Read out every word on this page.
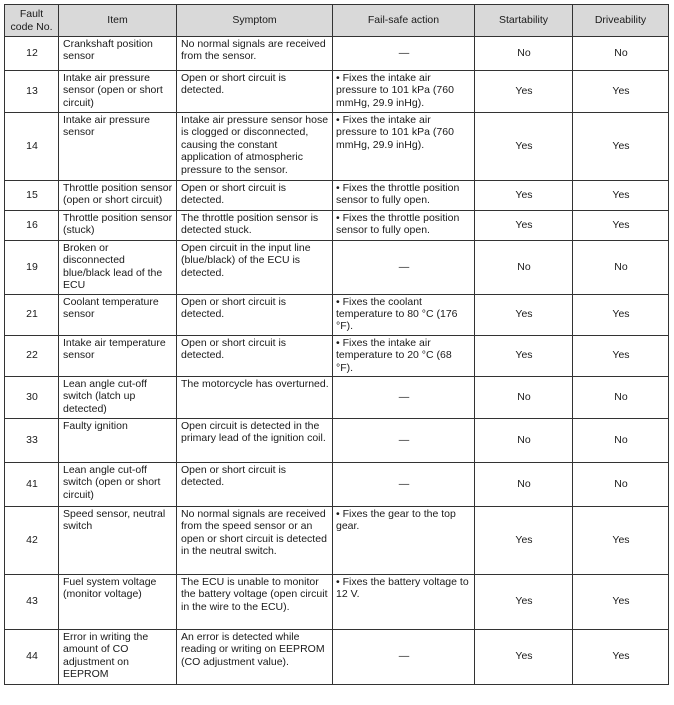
Fault
code No.	Item	Symptom	Fail-safe action	Startability	Driveability
12	Crankshaft position sensor	No normal signals are received from the sensor.	—	No	No
13	Intake air pressure sensor (open or short circuit)	Open or short circuit is detected.	• Fixes the intake air pressure to 101 kPa (760 mmHg, 29.9 inHg).	Yes	Yes
14	Intake air pressure sensor	Intake air pressure sensor hose is clogged or disconnected, causing the constant application of atmospheric pressure to the sensor.	• Fixes the intake air pressure to 101 kPa (760 mmHg, 29.9 inHg).	Yes	Yes
15	Throttle position sensor (open or short circuit)	Open or short circuit is detected.	• Fixes the throttle position sensor to fully open.	Yes	Yes
16	Throttle position sensor (stuck)	The throttle position sensor is detected stuck.	• Fixes the throttle position sensor to fully open.	Yes	Yes
19	Broken or disconnected blue/black lead of the ECU	Open circuit in the input line (blue/black) of the ECU is detected.	—	No	No
21	Coolant temperature sensor	Open or short circuit is detected.	• Fixes the coolant temperature to 80 °C (176 °F).	Yes	Yes
22	Intake air temperature sensor	Open or short circuit is detected.	• Fixes the intake air temperature to 20 °C (68 °F).	Yes	Yes
30	Lean angle cut-off switch (latch up detected)	The motorcycle has overturned.	—	No	No
33	Faulty ignition	Open circuit is detected in the primary lead of the ignition coil.	—	No	No
41	Lean angle cut-off switch (open or short circuit)	Open or short circuit is detected.	—	No	No
42	Speed sensor, neutral switch	No normal signals are received from the speed sensor or an open or short circuit is detected in the neutral switch.	• Fixes the gear to the top gear.	Yes	Yes
43	Fuel system voltage (monitor voltage)	The ECU is unable to monitor the battery voltage (open circuit in the wire to the ECU).	• Fixes the battery voltage to 12 V.	Yes	Yes
44	Error in writing the amount of CO adjustment on EEPROM	An error is detected while reading or writing on EEPROM (CO adjustment value).	—	Yes	Yes
